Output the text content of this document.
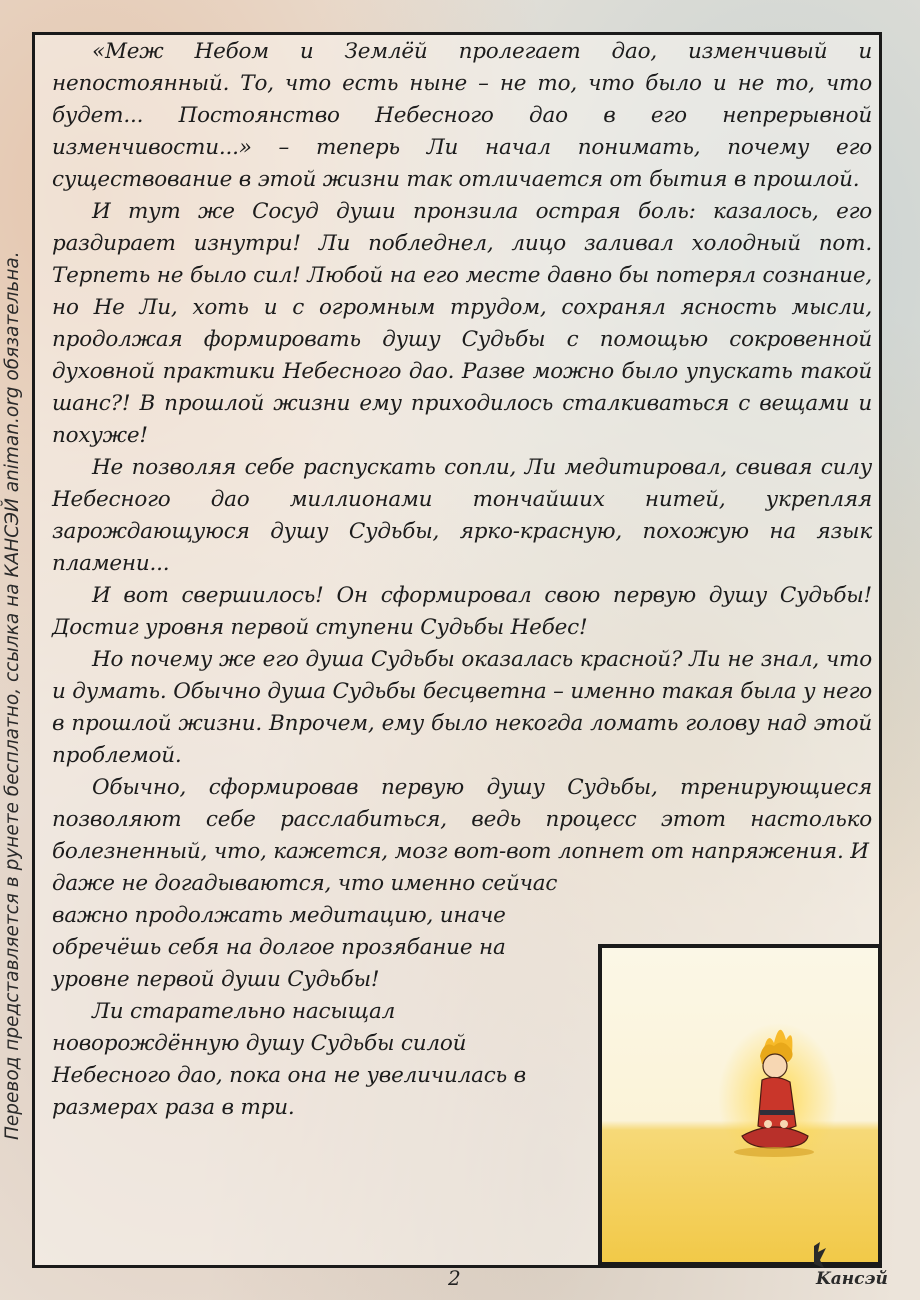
«Меж Небом и Землёй пролегает дао, изменчивый и непостоянный. То, что есть ныне – не то, что было и не то, что будет... Постоянство Небесного дао в его непрерывной изменчивости...» – теперь Ли начал понимать, почему его существование в этой жизни так отличается от бытия в прошлой.

И тут же Сосуд души пронзила острая боль: казалось, его раздирает изнутри! Ли побледнел, лицо заливал холодный пот. Терпеть не было сил! Любой на его месте давно бы потерял сознание, но Не Ли, хоть и с огромным трудом, сохранял ясность мысли, продолжая формировать душу Судьбы с помощью сокровенной духовной практики Небесного дао. Разве можно было упускать такой шанс?! В прошлой жизни ему приходилось сталкиваться с вещами и похуже!

Не позволяя себе распускать сопли, Ли медитировал, свивая силу Небесного дао миллионами тончайших нитей, укрепляя зарождающуюся душу Судьбы, ярко-красную, похожую на язык пламени...

И вот свершилось! Он сформировал свою первую душу Судьбы! Достиг уровня первой ступени Судьбы Небес!

Но почему же его душа Судьбы оказалась красной? Ли не знал, что и думать. Обычно душа Судьбы бесцветна – именно такая была у него в прошлой жизни. Впрочем, ему было некогда ломать голову над этой проблемой.

Обычно, сформировав первую душу Судьбы, тренирующиеся позволяют себе расслабиться, ведь процесс этот настолько болезненный, что, кажется, мозг вот-вот лопнет от напряжения. И

даже не догадываются, что именно сейчас важно продолжать медитацию, иначе обречёшь себя на долгое прозябание на уровне первой души Судьбы!

Ли старательно насыщал новорождённую душу Судьбы силой Небесного дао, пока она не увеличилась в размерах раза в три.

Перевод представляется в рунете бесплатно, ссылка на КАНСЭЙ animan.org обязательна.
2	Kансэй
